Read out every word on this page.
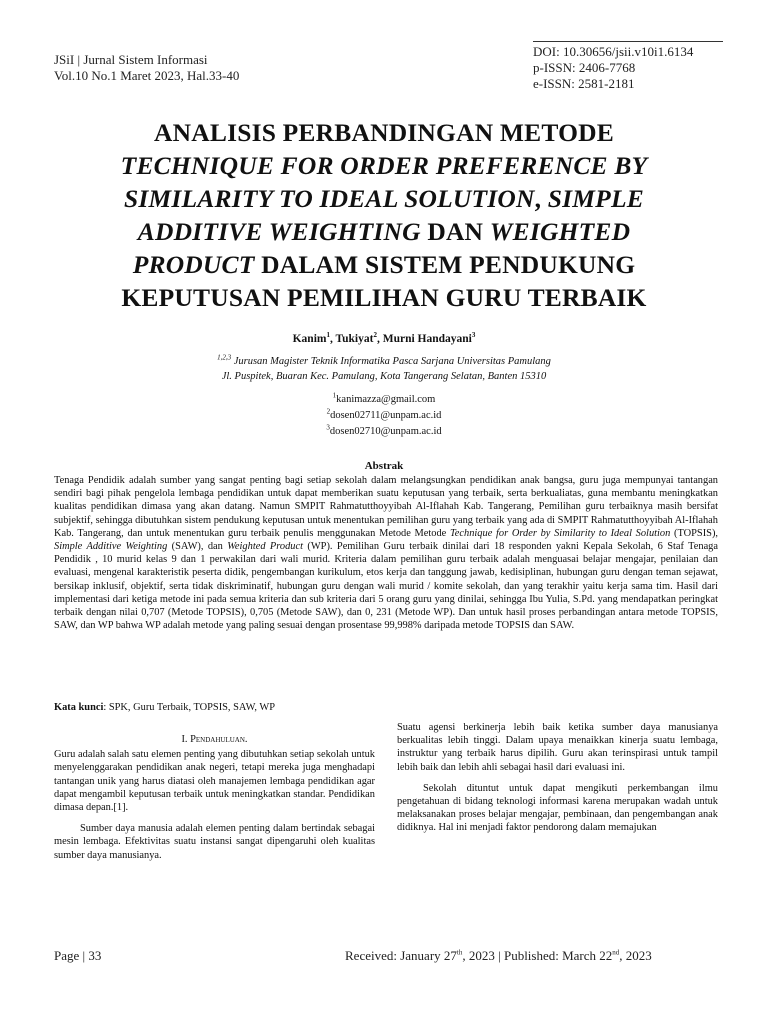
JSiI | Jurnal Sistem Informasi
Vol.10 No.1 Maret 2023, Hal.33-40
DOI: 10.30656/jsii.v10i1.6134
p-ISSN: 2406-7768
e-ISSN: 2581-2181
ANALISIS PERBANDINGAN METODE
TECHNIQUE FOR ORDER PREFERENCE BY
SIMILARITY TO IDEAL SOLUTION, SIMPLE
ADDITIVE WEIGHTING DAN WEIGHTED
PRODUCT DALAM SISTEM PENDUKUNG
KEPUTUSAN PEMILIHAN GURU TERBAIK
Kanim$^1$, Tukiyat$^2$, Murni Handayani$^3$
$^{1,2,3}$ Jurusan Magister Teknik Informatika Pasca Sarjana Universitas Pamulang
Jl. Puspitek, Buaran Kec. Pamulang, Kota Tangerang Selatan, Banten 15310
$^1$kanimazza@gmail.com
$^2$dosen02711@unpam.ac.id
$^3$dosen02710@unpam.ac.id
Abstrak
Tenaga Pendidik adalah sumber yang sangat penting bagi setiap sekolah dalam melangsungkan pendidikan anak bangsa, guru juga mempunyai tantangan sendiri bagi pihak pengelola lembaga pendidikan untuk dapat memberikan suatu keputusan yang terbaik, serta berkualiatas, guna membantu meningkatkan kualitas pendidikan dimasa yang akan datang. Namun SMPIT Rahmatutthoyyibah Al-Iflahah Kab. Tangerang, Pemilihan guru terbaiknya masih bersifat subjektif, sehingga dibutuhkan sistem pendukung keputusan untuk menentukan pemilihan guru yang terbaik yang ada di SMPIT Rahmatutthoyyibah Al-Iflahah Kab. Tangerang, dan untuk menentukan guru terbaik penulis menggunakan Metode Metode Technique for Order by Similarity to Ideal Solution (TOPSIS), Simple Additive Weighting (SAW), dan Weighted Product (WP). Pemilihan Guru terbaik dinilai dari 18 responden yakni Kepala Sekolah, 6 Staf Tenaga Pendidik , 10 murid kelas 9 dan 1 perwakilan dari wali murid. Kriteria dalam pemilihan guru terbaik adalah menguasai belajar mengajar, penilaian dan evaluasi, mengenal karakteristik peserta didik, pengembangan kurikulum, etos kerja dan tanggung jawab, kedisiplinan, hubungan guru dengan teman sejawat, bersikap inklusif, objektif, serta tidak diskriminatif, hubungan guru dengan wali murid / komite sekolah, dan yang terakhir yaitu kerja sama tim. Hasil dari implementasi dari ketiga metode ini pada semua kriteria dan sub kriteria dari 5 orang guru yang dinilai, sehingga Ibu Yulia, S.Pd. yang mendapatkan peringkat terbaik dengan nilai 0,707 (Metode TOPSIS), 0,705 (Metode SAW), dan 0, 231 (Metode WP). Dan untuk hasil proses perbandingan antara metode TOPSIS, SAW, dan WP bahwa WP adalah metode yang paling sesuai dengan prosentase 99,998% daripada metode TOPSIS dan SAW.
Kata kunci: SPK, Guru Terbaik, TOPSIS, SAW, WP
I. Pendahuluan.

Guru adalah salah satu elemen penting yang dibutuhkan setiap sekolah untuk menyelenggarakan pendidikan anak negeri, tetapi mereka juga menghadapi tantangan unik yang harus diatasi oleh manajemen lembaga pendidikan agar dapat mengambil keputusan terbaik untuk meningkatkan standar. Pendidikan dimasa depan.[1].

Sumber daya manusia adalah elemen penting dalam bertindak sebagai mesin lembaga. Efektivitas suatu instansi sangat dipengaruhi oleh kualitas sumber daya manusianya.

Suatu agensi berkinerja lebih baik ketika sumber daya manusianya berkualitas lebih tinggi. Dalam upaya menaikkan kinerja suatu lembaga, instruktur yang terbaik harus dipilih. Guru akan terinspirasi untuk tampil lebih baik dan lebih ahli sebagai hasil dari evaluasi ini.

Sekolah dituntut untuk dapat mengikuti perkembangan ilmu pengetahuan di bidang teknologi informasi karena merupakan wadah untuk melaksanakan proses belajar mengajar, pembinaan, dan pengembangan anak didiknya. Hal ini menjadi faktor pendorong dalam memajukan

Page | 33	Received: January 27th, 2023 | Published: March 22nd, 2023
